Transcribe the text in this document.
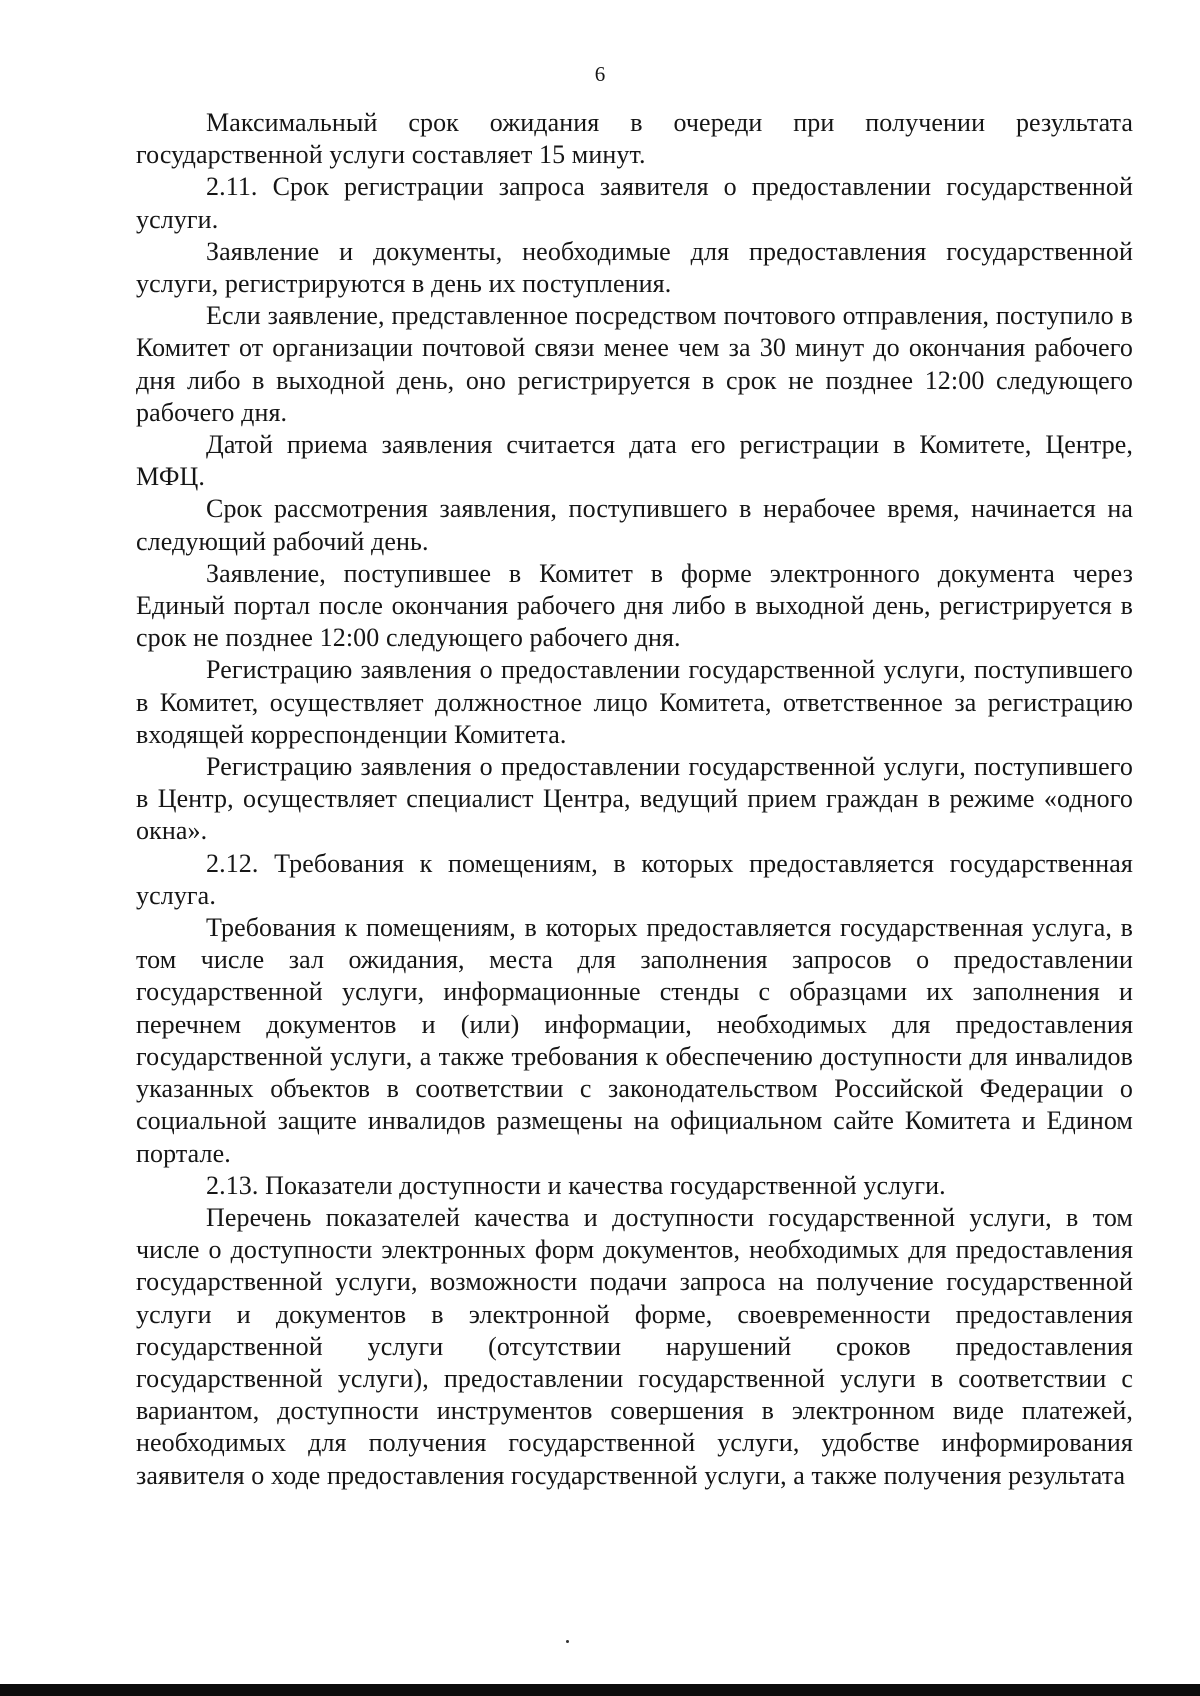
6

Максимальный срок ожидания в очереди при получении результата государственной услуги составляет 15 минут.

2.11. Срок регистрации запроса заявителя о предоставлении государственной услуги.

Заявление и документы, необходимые для предоставления государственной услуги, регистрируются в день их поступления.

Если заявление, представленное посредством почтового отправления, поступило в Комитет от организации почтовой связи менее чем за 30 минут до окончания рабочего дня либо в выходной день, оно регистрируется в срок не позднее 12:00 следующего рабочего дня.

Датой приема заявления считается дата его регистрации в Комитете, Центре, МФЦ.

Срок рассмотрения заявления, поступившего в нерабочее время, начинается на следующий рабочий день.

Заявление, поступившее в Комитет в форме электронного документа через Единый портал после окончания рабочего дня либо в выходной день, регистрируется в срок не позднее 12:00 следующего рабочего дня.

Регистрацию заявления о предоставлении государственной услуги, поступившего в Комитет, осуществляет должностное лицо Комитета, ответственное за регистрацию входящей корреспонденции Комитета.

Регистрацию заявления о предоставлении государственной услуги, поступившего в Центр, осуществляет специалист Центра, ведущий прием граждан в режиме «одного окна».

2.12. Требования к помещениям, в которых предоставляется государственная услуга.

Требования к помещениям, в которых предоставляется государственная услуга, в том числе зал ожидания, места для заполнения запросов о предоставлении государственной услуги, информационные стенды с образцами их заполнения и перечнем документов и (или) информации, необходимых для предоставления государственной услуги, а также требования к обеспечению доступности для инвалидов указанных объектов в соответствии с законодательством Российской Федерации о социальной защите инвалидов размещены на официальном сайте Комитета и Едином портале.

2.13. Показатели доступности и качества государственной услуги.

Перечень показателей качества и доступности государственной услуги, в том числе о доступности электронных форм документов, необходимых для предоставления государственной услуги, возможности подачи запроса на получение государственной услуги и документов в электронной форме, своевременности предоставления государственной услуги (отсутствии нарушений сроков предоставления государственной услуги), предоставлении государственной услуги в соответствии с вариантом, доступности инструментов совершения в электронном виде платежей, необходимых для получения государственной услуги, удобстве информирования заявителя о ходе предоставления государственной услуги, а также получения результата
